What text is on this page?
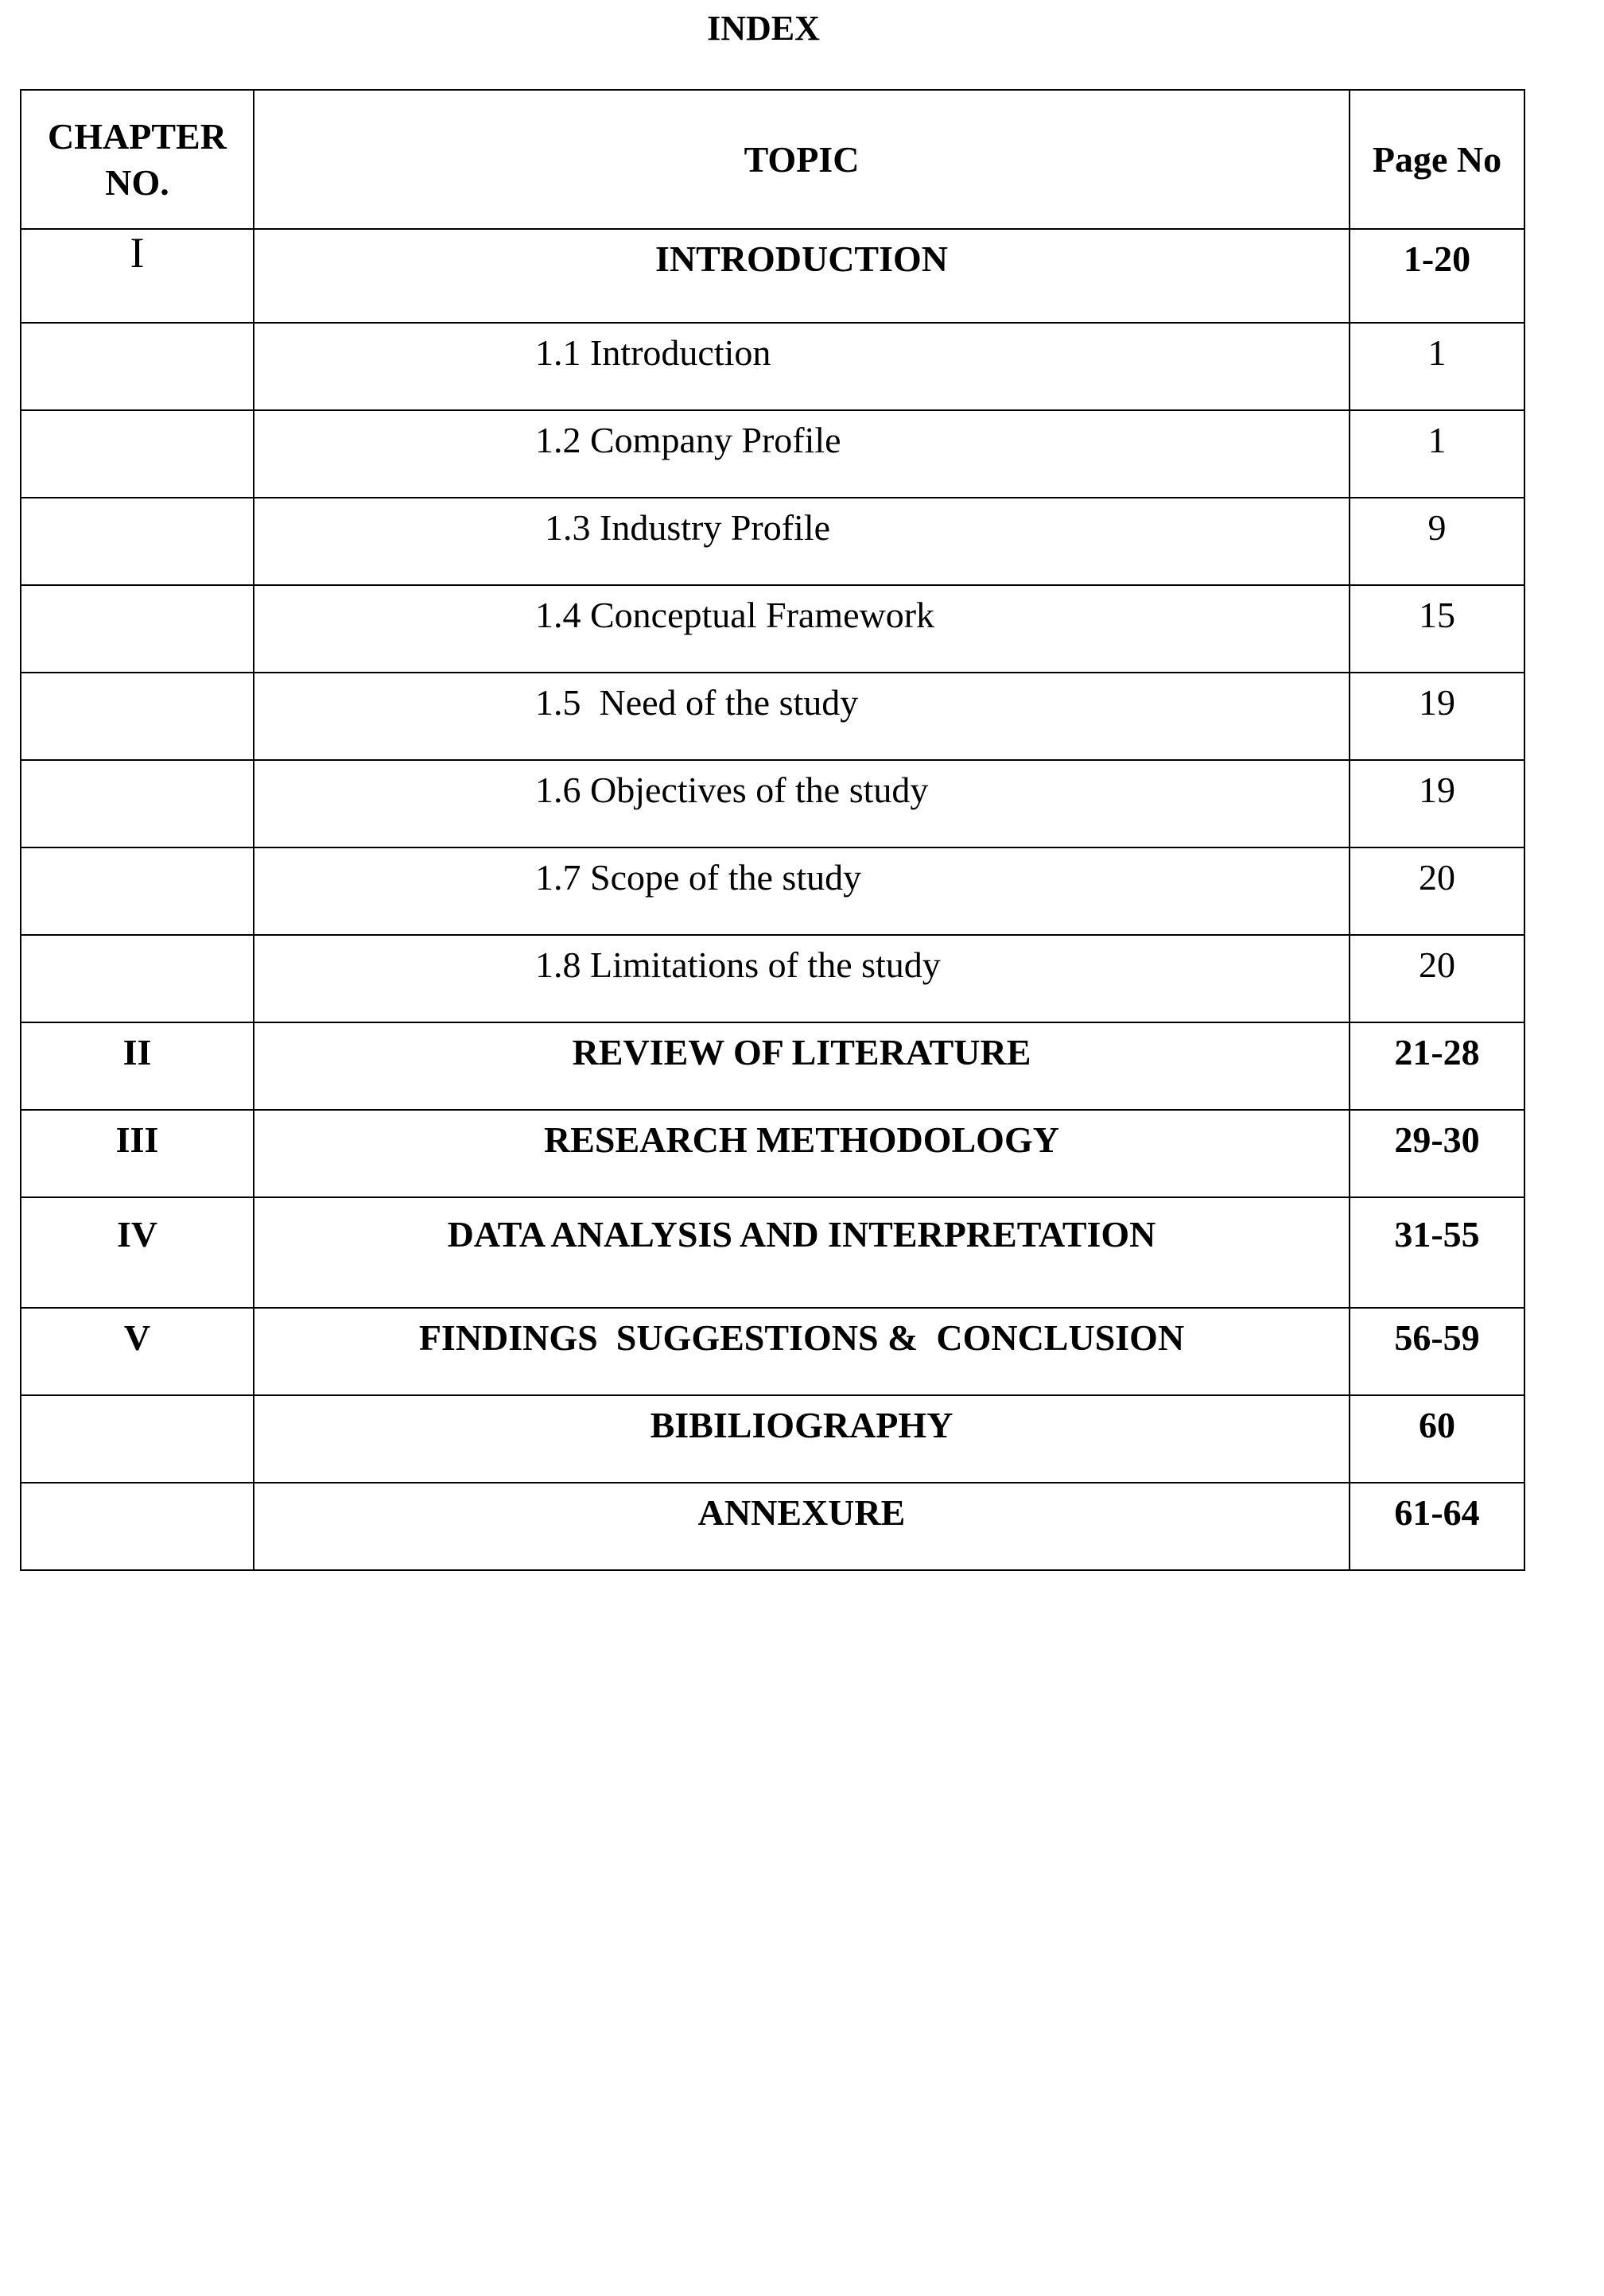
INDEX
CHAPTER
NO.	TOPIC	Page No

I	INTRODUCTION	1-20

	1.1 Introduction	1

	1.2 Company Profile	1

	1.3 Industry Profile	9

	1.4 Conceptual Framework	15

	1.5  Need of the study	19

	1.6 Objectives of the study	19

	1.7 Scope of the study	20

	1.8 Limitations of the study	20

II	REVIEW OF LITERATURE	21-28

III	RESEARCH METHODOLOGY	29-30

IV	DATA ANALYSIS AND INTERPRETATION	31-55

V	FINDINGS  SUGGESTIONS &  CONCLUSION	56-59

	BIBILIOGRAPHY	60

	ANNEXURE	61-64
